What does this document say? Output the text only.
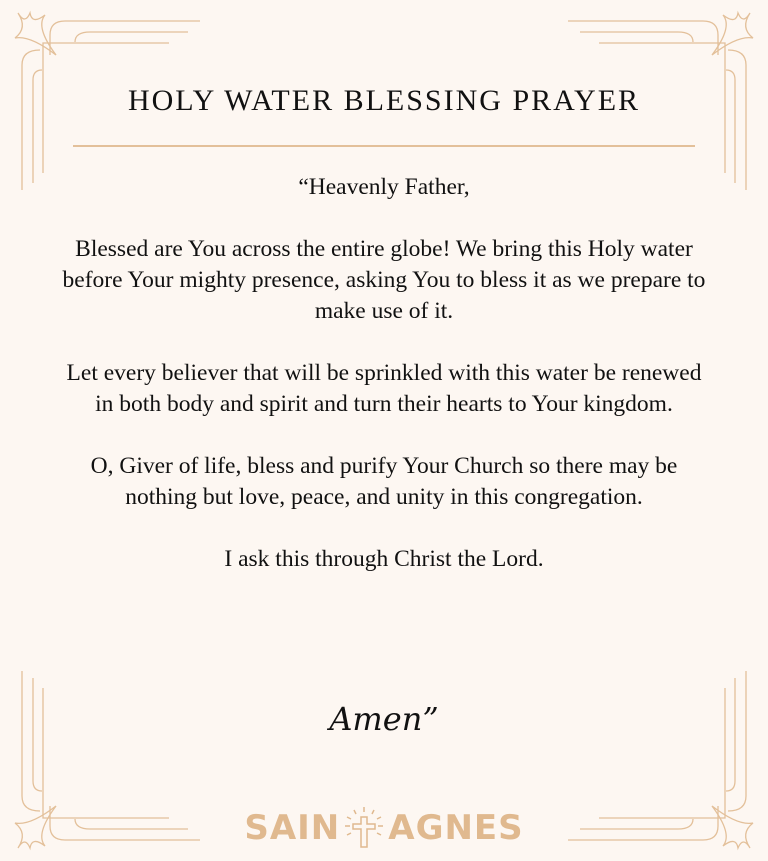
HOLY WATER BLESSING PRAYER

“Heavenly Father,

Blessed are You across the entire globe! We bring this Holy water before Your mighty presence, asking You to bless it as we prepare to make use of it.

Let every believer that will be sprinkled with this water be renewed in both body and spirit and turn their hearts to Your kingdom.

O, Giver of life, bless and purify Your Church so there may be nothing but love, peace, and unity in this congregation.

I ask this through Christ the Lord.

Amen”
SAIN AGNES
